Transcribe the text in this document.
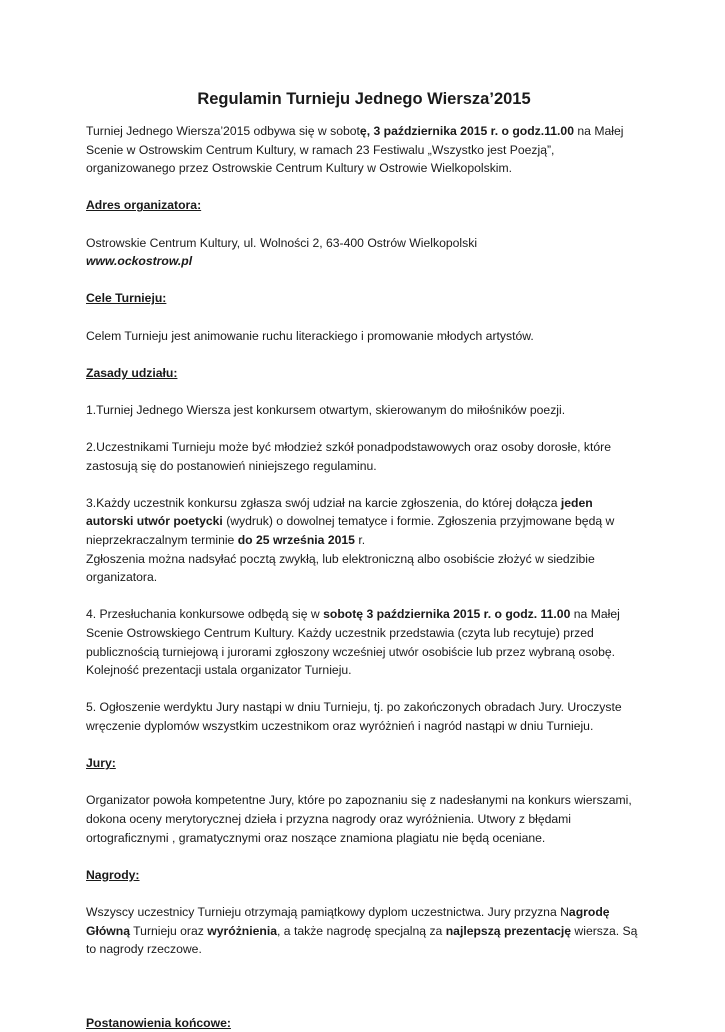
Regulamin Turnieju Jednego Wiersza’2015

Turniej Jednego Wiersza’2015 odbywa się w sobotę, 3 października 2015 r. o godz.11.00 na Małej Scenie w Ostrowskim Centrum Kultury, w ramach 23 Festiwalu „Wszystko jest Poezją”, organizowanego przez Ostrowskie Centrum Kultury w Ostrowie Wielkopolskim.

Adres organizatora:

Ostrowskie Centrum Kultury, ul. Wolności 2, 63-400 Ostrów Wielkopolski

www.ockostrow.pl

Cele Turnieju:

Celem Turnieju jest animowanie ruchu literackiego i promowanie młodych artystów.

Zasady udziału:

1.Turniej Jednego Wiersza jest konkursem otwartym, skierowanym do miłośników poezji.

2.Uczestnikami Turnieju może być młodzież szkół ponadpodstawowych oraz osoby dorosłe, które zastosują się do postanowień niniejszego regulaminu.

3.Każdy uczestnik konkursu zgłasza swój udział na karcie zgłoszenia, do której dołącza jeden autorski utwór poetycki (wydruk) o dowolnej tematyce i formie. Zgłoszenia przyjmowane będą w nieprzekraczalnym terminie do 25 września 2015 r.

Zgłoszenia można nadsyłać pocztą zwykłą, lub elektroniczną albo osobiście złożyć w siedzibie organizatora.

4. Przesłuchania konkursowe odbędą się w sobotę 3 października 2015 r. o godz. 11.00 na Małej Scenie Ostrowskiego Centrum Kultury. Każdy uczestnik przedstawia (czyta lub recytuje) przed publicznością turniejową i jurorami zgłoszony wcześniej utwór osobiście lub przez wybraną osobę. Kolejność prezentacji ustala organizator Turnieju.

5. Ogłoszenie werdyktu Jury nastąpi w dniu Turnieju, tj. po zakończonych obradach Jury. Uroczyste wręczenie dyplomów wszystkim uczestnikom oraz wyróżnień i nagród nastąpi w dniu Turnieju.

Jury:

Organizator powoła kompetentne Jury, które po zapoznaniu się z nadesłanymi na konkurs wierszami, dokona oceny merytorycznej dzieła i przyzna nagrody oraz wyróżnienia. Utwory z błędami ortograficznymi , gramatycznymi oraz noszące znamiona plagiatu nie będą oceniane.

Nagrody:

Wszyscy uczestnicy Turnieju otrzymają pamiątkowy dyplom uczestnictwa. Jury przyzna Nagrodę Główną Turnieju oraz wyróżnienia, a także nagrodę specjalną za najlepszą prezentację wiersza. Są to nagrody rzeczowe.

Postanowienia końcowe:
